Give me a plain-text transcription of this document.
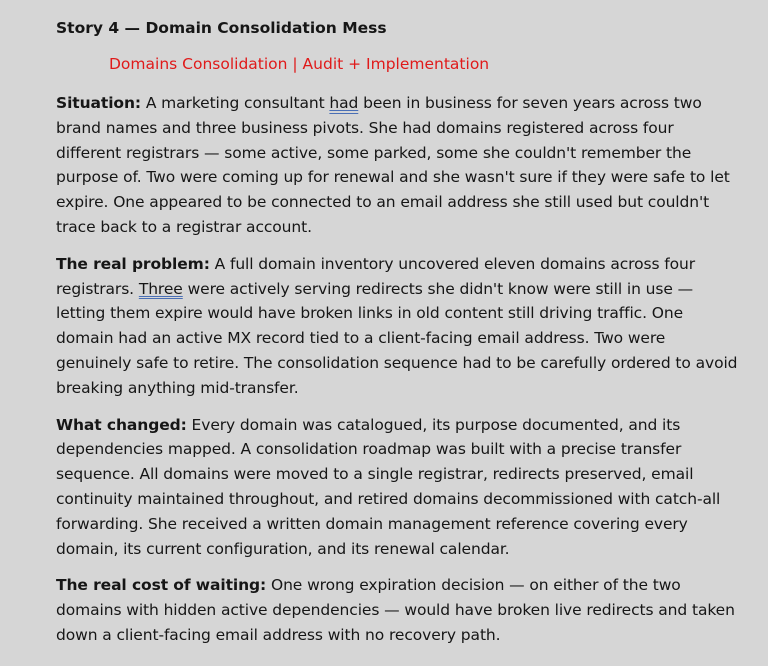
Story 4 — Domain Consolidation Mess

Domains Consolidation | Audit + Implementation

Situation: A marketing consultant had been in business for seven years across two brand names and three business pivots. She had domains registered across four different registrars — some active, some parked, some she couldn't remember the purpose of. Two were coming up for renewal and she wasn't sure if they were safe to let expire. One appeared to be connected to an email address she still used but couldn't trace back to a registrar account.

The real problem: A full domain inventory uncovered eleven domains across four registrars. Three were actively serving redirects she didn't know were still in use — letting them expire would have broken links in old content still driving traffic. One domain had an active MX record tied to a client-facing email address. Two were genuinely safe to retire. The consolidation sequence had to be carefully ordered to avoid breaking anything mid-transfer.

What changed: Every domain was catalogued, its purpose documented, and its dependencies mapped. A consolidation roadmap was built with a precise transfer sequence. All domains were moved to a single registrar, redirects preserved, email continuity maintained throughout, and retired domains decommissioned with catch-all forwarding. She received a written domain management reference covering every domain, its current configuration, and its renewal calendar.

The real cost of waiting: One wrong expiration decision — on either of the two domains with hidden active dependencies — would have broken live redirects and taken down a client-facing email address with no recovery path.
